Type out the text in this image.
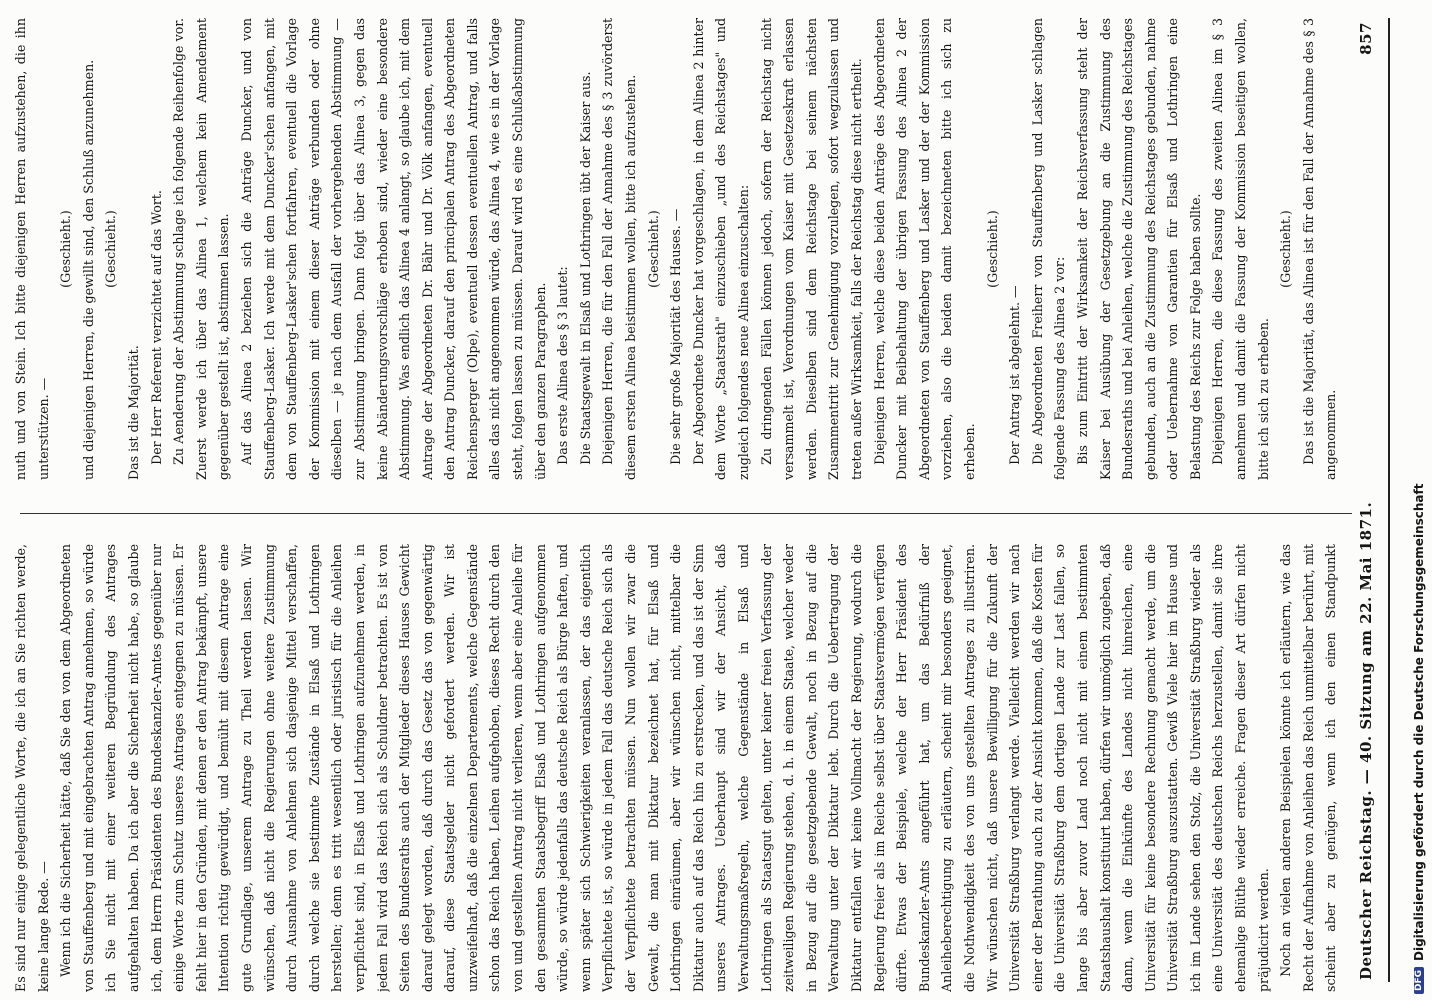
Deutscher Reichstag. — 40. Sitzung am 22. Mai 1871.
857

Es sind nur einige gelegentliche Worte, die ich an Sie richten werde, keine lange Rede. — Wenn ich die Sicherheit hätte, daß Sie den von dem Abgeordneten von Stauffenberg und mit eingebrachten Antrag annehmen, so würde ich Sie nicht mit einer weiteren Begründung des Antrages aufgehalten haben. Da ich aber die Sicherheit nicht habe, so glaube ich, dem Herrn Präsidenten des Bundeskanzler-Amtes gegenüber nur einige Worte zum Schutz unseres Antrages entgegnen zu müssen. Er fehlt hier in den Gründen, mit denen er den Antrag bekämpft, unsere Intention richtig gewürdigt, und bemüht mit diesem Antrage eine gute Grundlage, unserem Antrage zu Theil werden lassen. Wir wünschen, daß nicht die Regierungen ohne weitere Zustimmung durch Ausnahme von Anlehnen sich dasjenige Mittel verschaffen, durch welche sie bestimmte Zustände in Elsaß und Lothringen herstellen; denn es tritt wesentlich oder juristisch für die Anleihen verpflichtet sind, in Elsaß und Lothringen aufzunehmen werden, in jedem Fall wird das Reich sich als Schuldner betrachten. Es ist von Seiten des Bundesraths auch der Mitglieder dieses Hauses Gewicht darauf gelegt worden, daß durch das Gesetz das von gegenwärtig darauf, diese Staatsgelder nicht gefordert werden. Wir ist unzweifelhaft, daß die einzelnen Departements, welche Gegenstände schon das Reich haben, Leihen aufgehoben, dieses Recht durch den von und gestellten Antrag nicht verlieren, wenn aber eine Anleihe für den gesammten Staatsbegriff Elsaß und Lothringen aufgenommen würde, so würde jedenfalls das deutsche Reich als Bürge haften, und wenn später sich Schwierigkeiten veranlassen, der das eigentlich Verpflichtete ist, so würde in jedem Fall das deutsche Reich sich als der Verpflichtete betrachten müssen. Nun wollen wir zwar die Gewalt, die man mit Diktatur bezeichnet hat, für Elsaß und Lothringen einräumen, aber wir wünschen nicht, mittelbar die Diktatur auch auf das Reich hin zu erstrecken, und das ist der Sinn unseres Antrages. Ueberhaupt sind wir der Ansicht, daß Verwaltungsmaßregeln, welche Gegenstände in Elsaß und Lothringen als Staatsgut gelten, unter keiner freien Verfassung der zeitweiligen Regierung stehen, d. h. in einem Staate, welcher weder in Bezug auf die gesetzgebende Gewalt, noch in Bezug auf die Verwaltung unter der Diktatur lebt. Durch die Uebertragung der Diktatur entfallen wir keine Vollmacht der Regierung, wodurch die Regierung freier als im Reiche selbst über Staatsvermögen verfügen dürfte. Etwas der Beispiele, welche der Herr Präsident des Bundeskanzler-Amts angeführt hat, um das Bedürfniß der Anleiheberechtigung zu erläutern, scheint mir besonders geeignet, die Nothwendigkeit des von uns gestellten Antrages zu illustriren. Wir wünschen nicht, daß unsere Bewilligung für die Zukunft der Universität Straßburg verlangt werde. Vielleicht werden wir nach einer der Berathung auch zu der Ansicht kommen, daß die Kosten für die Universität Straßburg dem dortigen Lande zur Last fallen, so lange bis aber zuvor Land noch nicht mit einem bestimmten Staatshaushalt konstituirt haben, dürfen wir unmöglich zugeben, daß dann, wenn die Einkünfte des Landes nicht hinreichen, eine Universität für keine besondere Rechnung gemacht werde, um die Universität Straßburg auszustatten. Gewiß Viele hier im Hause und ich im Lande sehen den Stolz, die Universität Straßburg wieder als eine Universität des deutschen Reichs herzustellen, damit sie ihre ehemalige Blüthe wieder erreiche. Fragen dieser Art dürfen nicht präjudicirt werden. Noch an vielen anderen Beispielen könnte ich erläutern, wie das Recht der Aufnahme von Anleihen das Reich unmittelbar berührt, mit scheint aber zu genügen, wenn ich den einen Standpunkt

nuth und von Stein. Ich bitte diejenigen Herren aufzustehen, die ihn unterstützen. —

(Geschieht.) und diejenigen Herren, die gewillt sind, den Schluß anzunehmen. (Geschieht.)

Das ist die Majorität. Der Herr Referent verzichtet auf das Wort. Zu Aenderung der Abstimmung schlage ich folgende Reihenfolge vor. Zuerst werde ich über das Alinea 1, welchem kein Amendement gegenüber gestellt ist, abstimmen lassen. Auf das Alinea 2 beziehen sich die Anträge Duncker, und von Stauffenberg-Lasker. Ich werde mit dem Duncker'schen anfangen, mit dem von Stauffenberg-Lasker'schen fortfahren, eventuell die Vorlage der Kommission mit einem dieser Anträge verbunden oder ohne dieselben — je nach dem Ausfall der vorhergehenden Abstimmung — zur Abstimmung bringen. Dann folgt über das Alinea 3, gegen das keine Abänderungsvorschläge erhoben sind, wieder eine besondere Abstimmung. Was endlich das Alinea 4 anlangt, so glaube ich, mit dem Antrage der Abgeordneten Dr. Bähr und Dr. Völk anfangen, eventuell den Antrag Duncker, darauf den principalen Antrag des Abgeordneten Reichensperger (Olpe), eventuell dessen eventuellen Antrag, und falls alles das nicht angenommen würde, das Alinea 4, wie es in der Vorlage steht, folgen lassen zu müssen. Darauf wird es eine Schlußabstimmung über den ganzen Paragraphen. Das erste Alinea des § 3 lautet: Die Staatsgewalt in Elsaß und Lothringen übt der Kaiser aus. Diejenigen Herren, die für den Fall der Annahme des § 3 zuvörderst diesem ersten Alinea beistimmen wollen, bitte ich aufzustehen. (Geschieht.) Die sehr große Majorität des Hauses. — Der Abgeordnete Duncker hat vorgeschlagen, in dem Alinea 2 hinter dem Worte „Staatsrath" einzuschieben „und des Reichstages" und zugleich folgendes neue Alinea einzuschalten: Zu dringenden Fällen können jedoch, sofern der Reichstag nicht versammelt ist, Verordnungen vom Kaiser mit Gesetzeskraft erlassen werden. Dieselben sind dem Reichstage bei seinem nächsten Zusammentritt zur Genehmigung vorzulegen, sofort wegzulassen und treten außer Wirksamkeit, falls der Reichstag diese nicht ertheilt. Diejenigen Herren, welche diese beiden Anträge des Abgeordneten Duncker mit Beibehaltung der übrigen Fassung des Alinea 2 der Abgeordneten von Stauffenberg und Lasker und der der Kommission vorziehen, also die beiden damit bezeichneten bitte ich sich zu erheben.

(Geschieht.)

Der Antrag ist abgelehnt. — Die Abgeordneten Freiherr von Stauffenberg und Lasker schlagen folgende Fassung des Alinea 2 vor: Bis zum Eintritt der Wirksamkeit der Reichsverfassung steht der Kaiser bei Ausübung der Gesetzgebung an die Zustimmung des Bundesraths und bei Anleihen, welche die Zustimmung des Reichstages gebunden, auch an die Zustimmung des Reichstages gebunden, nahme oder Uebernahme von Garantien für Elsaß und Lothringen eine Belastung des Reichs zur Folge haben sollte. Diejenigen Herren, die diese Fassung des zweiten Alinea im § 3 annehmen und damit die Fassung der Kommission beseitigen wollen, bitte ich sich zu erheben.

(Geschieht.) Das ist die Majorität, das Alinea ist für den Fall der Annahme des § 3 angenommen.

DFG
Digitalisierung gefördert durch die Deutsche Forschungsgemeinschaft
